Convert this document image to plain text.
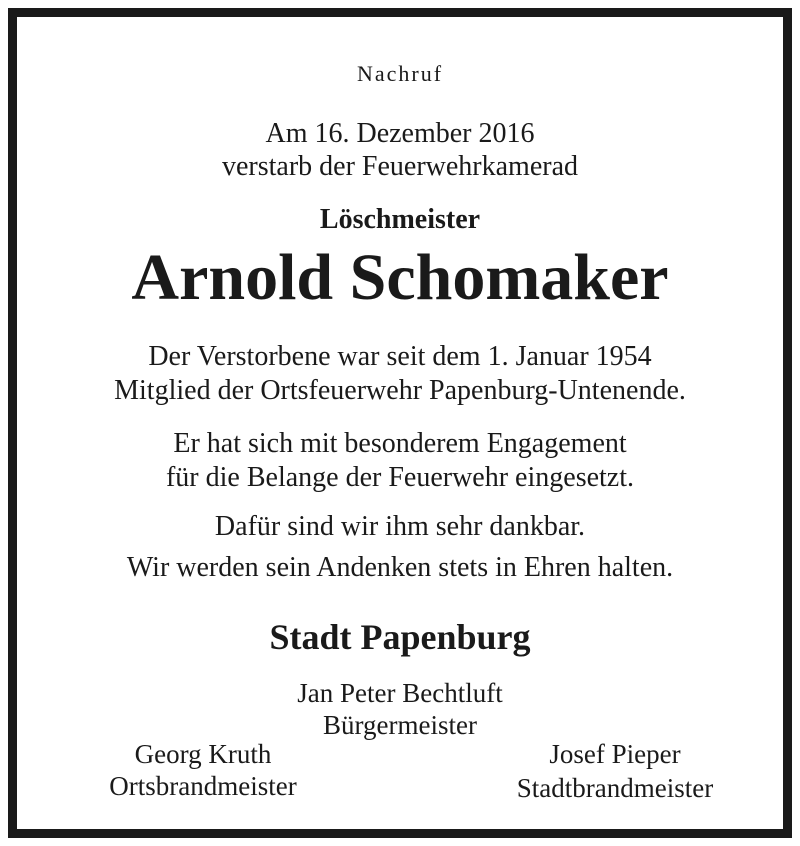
Nachruf
Am 16. Dezember 2016
verstarb der Feuerwehrkamerad
Löschmeister
Arnold Schomaker
Der Verstorbene war seit dem 1. Januar 1954
Mitglied der Ortsfeuerwehr Papenburg-Untenende.
Er hat sich mit besonderem Engagement
für die Belange der Feuerwehr eingesetzt.
Dafür sind wir ihm sehr dankbar.
Wir werden sein Andenken stets in Ehren halten.
Stadt Papenburg
Jan Peter Bechtluft
Bürgermeister
Georg Kruth
Ortsbrandmeister
Josef Pieper
Stadtbrandmeister
